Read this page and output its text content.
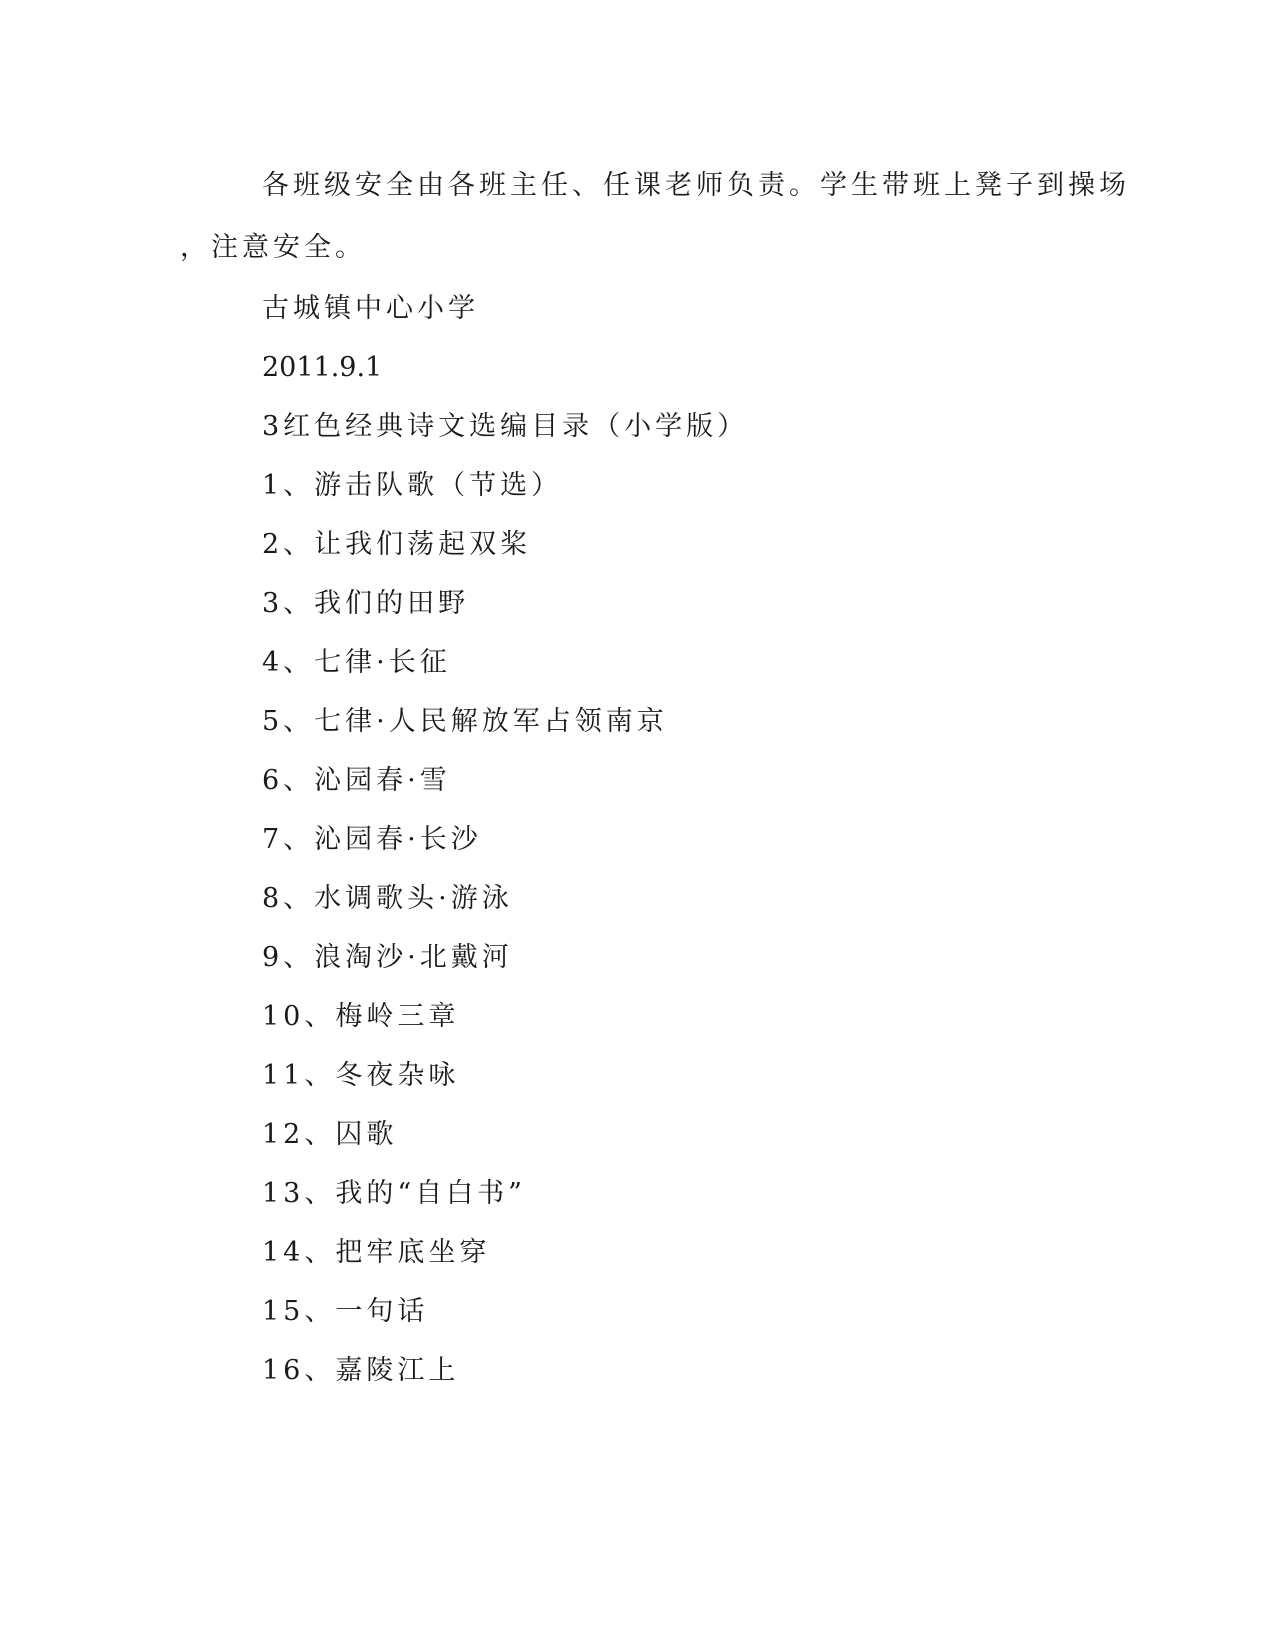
各班级安全由各班主任、任课老师负责。学生带班上凳子到操场
，注意安全。
古城镇中心小学
2011.9.1
3红色经典诗文选编目录（小学版）
1、游击队歌（节选）
2、让我们荡起双桨
3、我们的田野
4、七律·长征
5、七律·人民解放军占领南京
6、沁园春·雪
7、沁园春·长沙
8、水调歌头·游泳
9、浪淘沙·北戴河
10、梅岭三章
11、冬夜杂咏
12、囚歌
13、我的“自白书”
14、把牢底坐穿
15、一句话
16、嘉陵江上
